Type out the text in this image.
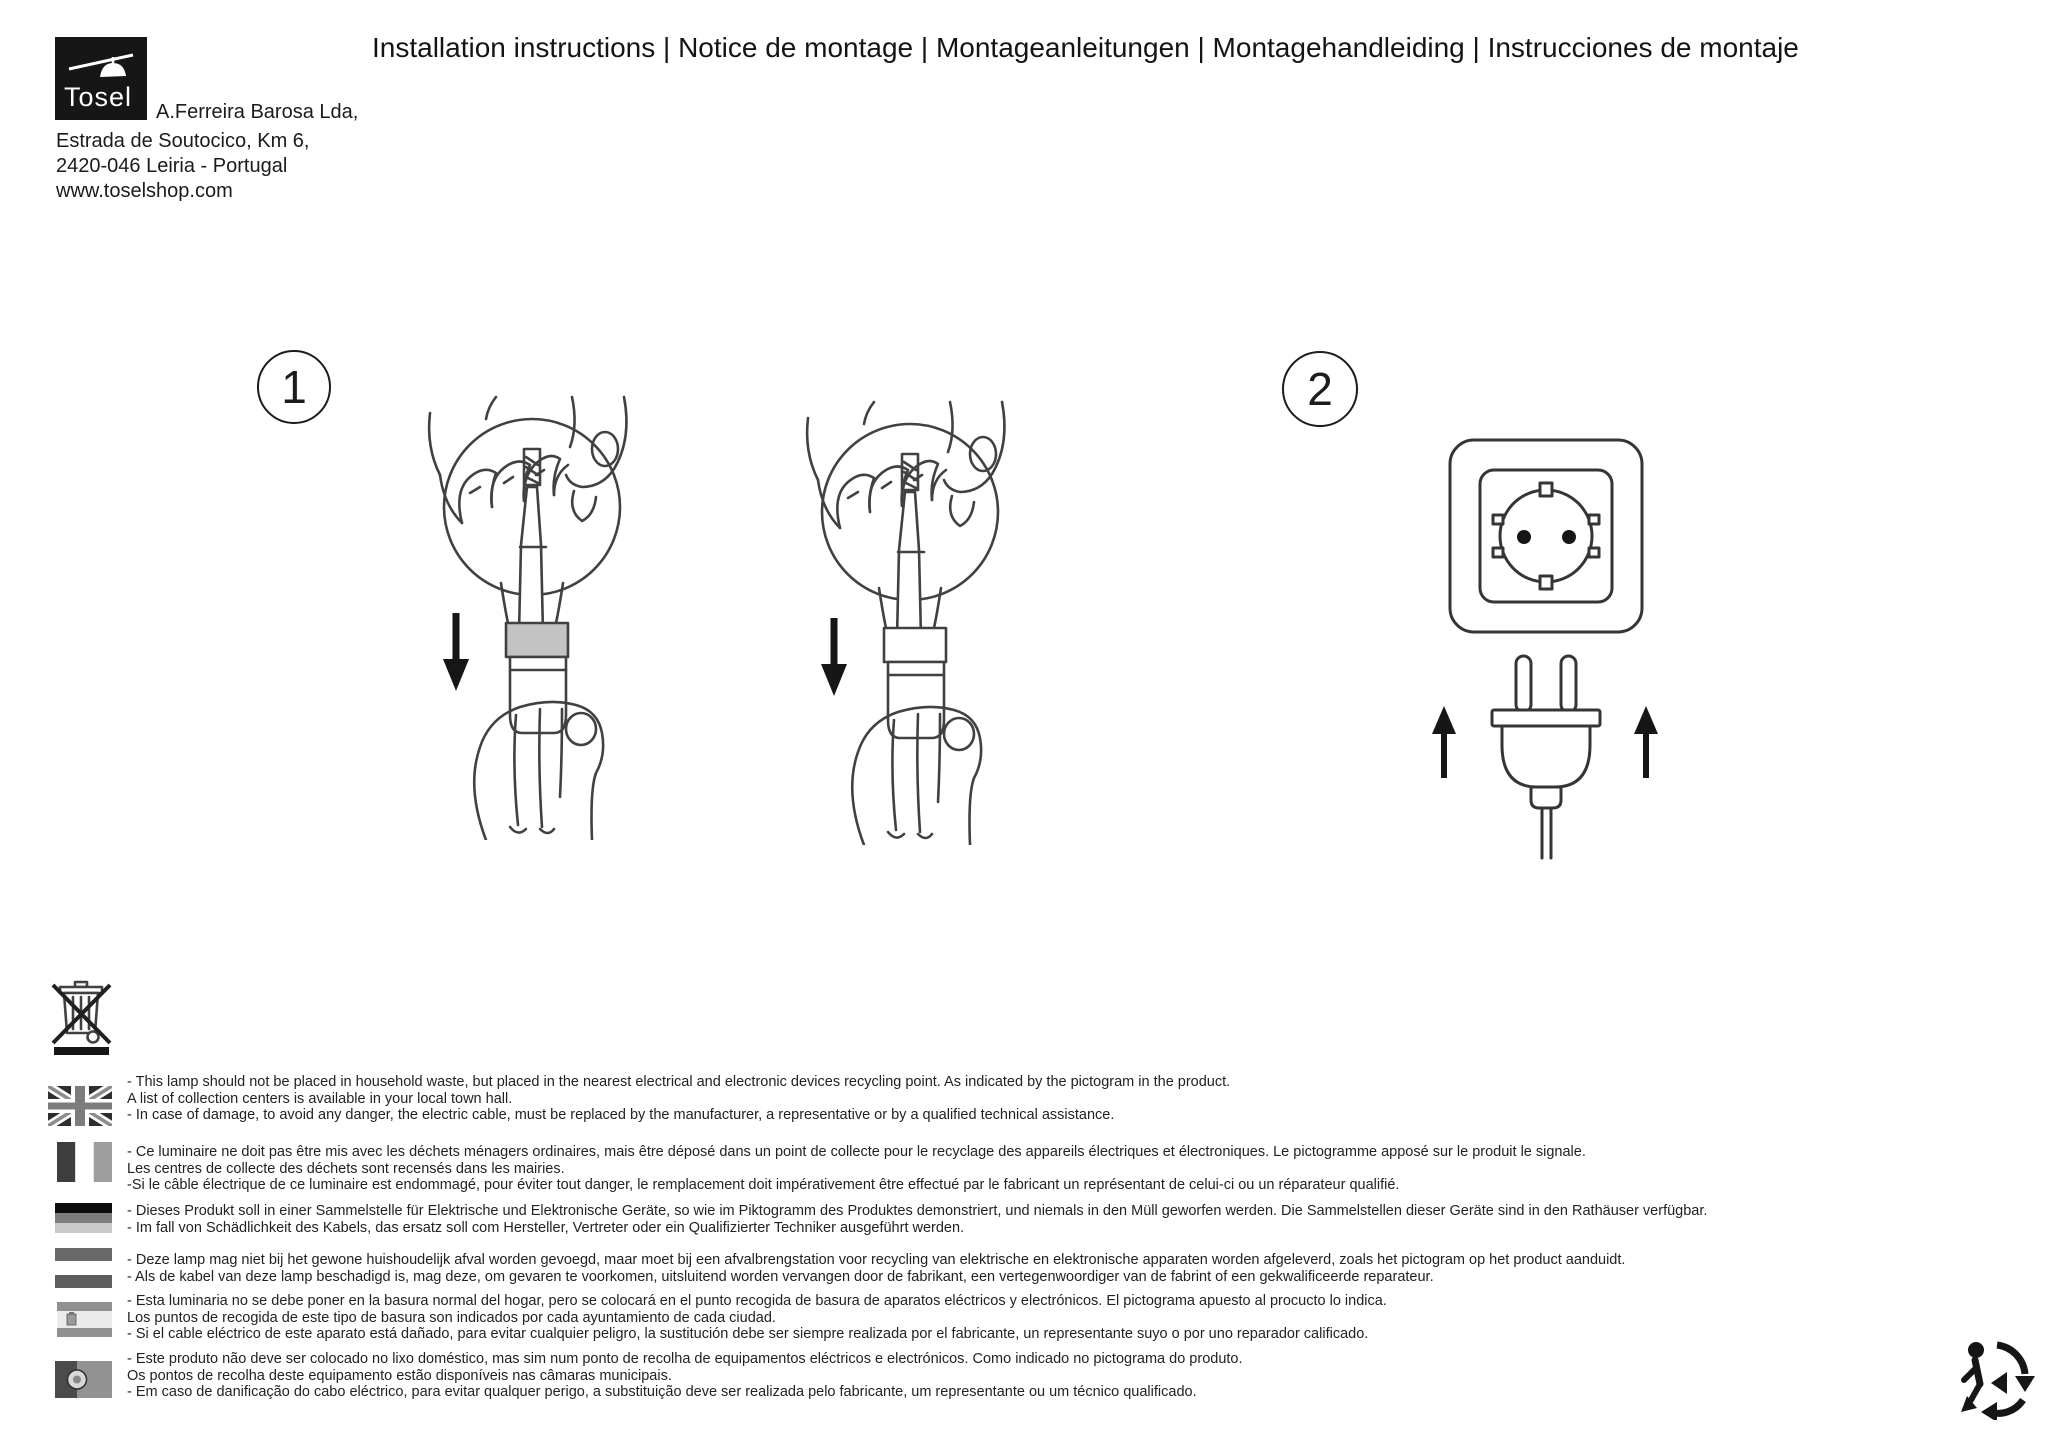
Tosel A.Ferreira Barosa Lda,
Estrada de Soutocico, Km 6,
2420-046 Leiria - Portugal
www.toselshop.com
Installation instructions | Notice de montage | Montageanleitungen | Montagehandleiding | Instrucciones de montaje
1	2
- This lamp should not be placed in household waste, but placed in the nearest electrical and electronic devices recycling point. As indicated by the pictogram in the product.
A list of collection centers is available in your local town hall.
- In case of damage, to avoid any danger, the electric cable, must be replaced by the manufacturer, a representative or by a qualified technical assistance.
- Ce luminaire ne doit pas être mis avec les déchets ménagers ordinaires, mais être déposé dans un point de collecte pour le recyclage des appareils électriques et électroniques. Le pictogramme apposé sur le produit le signale.
Les centres de collecte des déchets sont recensés dans les mairies.
-Si le câble électrique de ce luminaire est endommagé, pour éviter tout danger, le remplacement doit impérativement être effectué par le fabricant un représentant de celui-ci ou un réparateur qualifié.
- Dieses Produkt soll in einer Sammelstelle für Elektrische und Elektronische Geräte, so wie im Piktogramm des Produktes demonstriert, und niemals in den Müll geworfen werden. Die Sammelstellen dieser Geräte sind in den Rathäuser verfügbar.
- Im fall von Schädlichkeit des Kabels, das ersatz soll com Hersteller, Vertreter oder ein Qualifizierter Techniker ausgeführt werden.
- Deze lamp mag niet bij het gewone huishoudelijk afval worden gevoegd, maar moet bij een afvalbrengstation voor recycling van elektrische en elektronische apparaten worden afgeleverd, zoals het pictogram op het product aanduidt.
- Als de kabel van deze lamp beschadigd is, mag deze, om gevaren te voorkomen, uitsluitend worden vervangen door de fabrikant, een vertegenwoordiger van de fabrint of een gekwalificeerde reparateur.
- Esta luminaria no se debe poner en la basura normal del hogar, pero se colocará en el punto recogida de basura de aparatos eléctricos y electrónicos. El pictograma apuesto al procucto lo indica.
Los puntos de recogida de este tipo de basura son indicados por cada ayuntamiento de cada ciudad.
- Si el cable eléctrico de este aparato está dañado, para evitar cualquier peligro, la sustitución debe ser siempre realizada por el fabricante, un representante suyo o por uno reparador calificado.
- Este produto não deve ser colocado no lixo doméstico, mas sim num ponto de recolha de equipamentos eléctricos e electrónicos. Como indicado no pictograma do produto.
Os pontos de recolha deste equipamento estão disponíveis nas câmaras municipais.
- Em caso de danificação do cabo eléctrico, para evitar qualquer perigo, a substituição deve ser realizada pelo fabricante, um representante ou um técnico qualificado.
